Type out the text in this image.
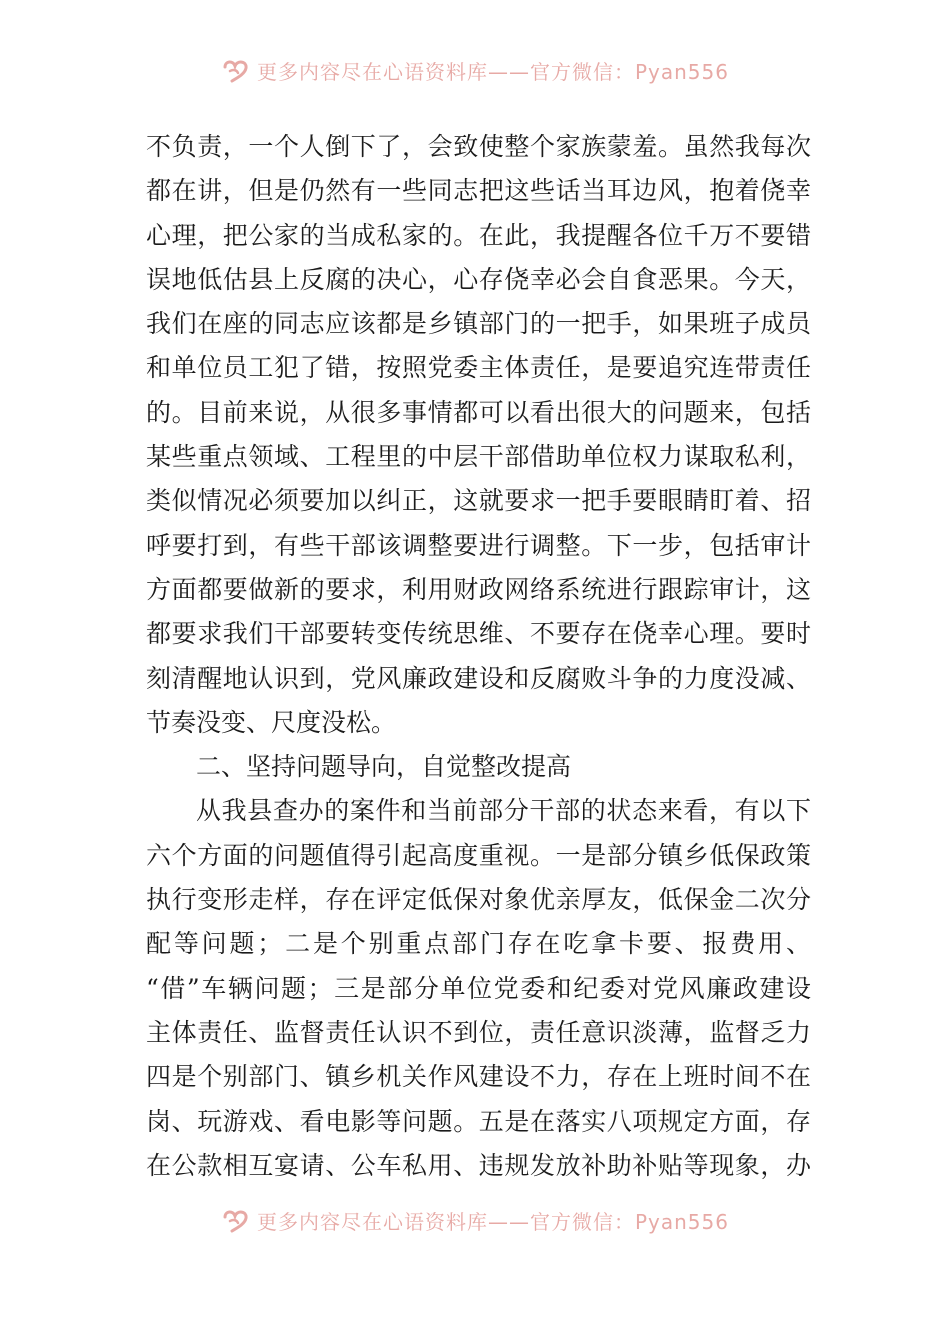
更多内容尽在心语资料库——官方微信：Pyan556
不负责，一个人倒下了，会致使整个家族蒙羞。虽然我每次
都在讲，但是仍然有一些同志把这些话当耳边风，抱着侥幸
心理，把公家的当成私家的。在此，我提醒各位千万不要错
误地低估县上反腐的决心，心存侥幸必会自食恶果。今天，
我们在座的同志应该都是乡镇部门的一把手，如果班子成员
和单位员工犯了错，按照党委主体责任，是要追究连带责任
的。目前来说，从很多事情都可以看出很大的问题来，包括
某些重点领域、工程里的中层干部借助单位权力谋取私利，
类似情况必须要加以纠正，这就要求一把手要眼睛盯着、招
呼要打到，有些干部该调整要进行调整。下一步，包括审计
方面都要做新的要求，利用财政网络系统进行跟踪审计，这
都要求我们干部要转变传统思维、不要存在侥幸心理。要时
刻清醒地认识到，党风廉政建设和反腐败斗争的力度没减、
节奏没变、尺度没松。
二、坚持问题导向，自觉整改提高
从我县查办的案件和当前部分干部的状态来看，有以下
六个方面的问题值得引起高度重视。一是部分镇乡低保政策
执行变形走样，存在评定低保对象优亲厚友，低保金二次分
配等问题；二是个别重点部门存在吃拿卡要、报费用、
“借”车辆问题；三是部分单位党委和纪委对党风廉政建设
主体责任、监督责任认识不到位，责任意识淡薄，监督乏力
四是个别部门、镇乡机关作风建设不力，存在上班时间不在
岗、玩游戏、看电影等问题。五是在落实八项规定方面，存
在公款相互宴请、公车私用、违规发放补助补贴等现象，办
更多内容尽在心语资料库——官方微信：Pyan556
